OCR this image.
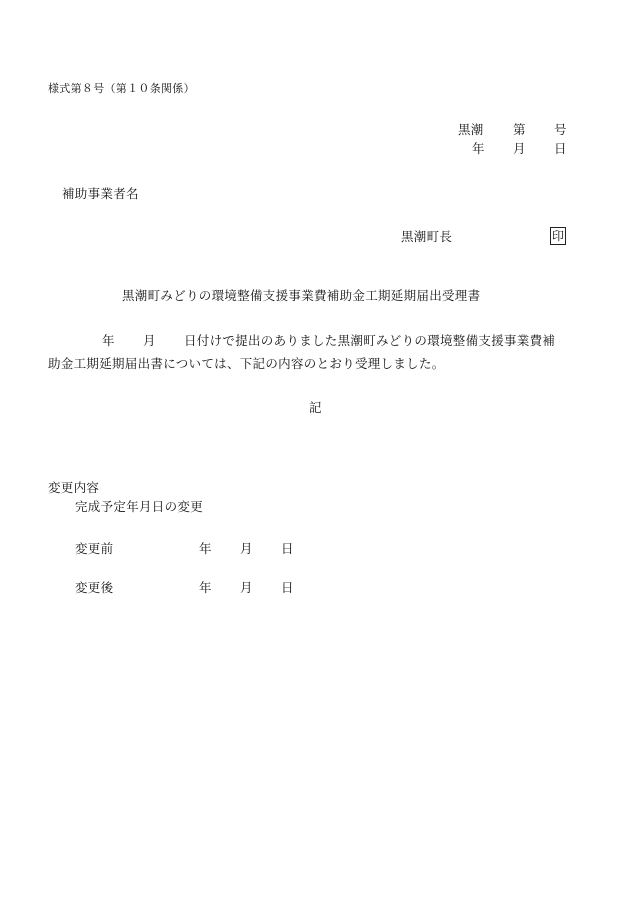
様式第８号（第１０条関係）
黒潮 第 号
年 月 日
補助事業者名
黒潮町長	印
黒潮町みどりの環境整備支援事業費補助金工期延期届出受理書
年 月 日付けで提出のありました黒潮町みどりの環境整備支援事業費補
助金工期延期届出書については、下記の内容のとおり受理しました。
記
変更内容
完成予定年月日の変更
変更前	年 月 日
変更後	年 月 日
